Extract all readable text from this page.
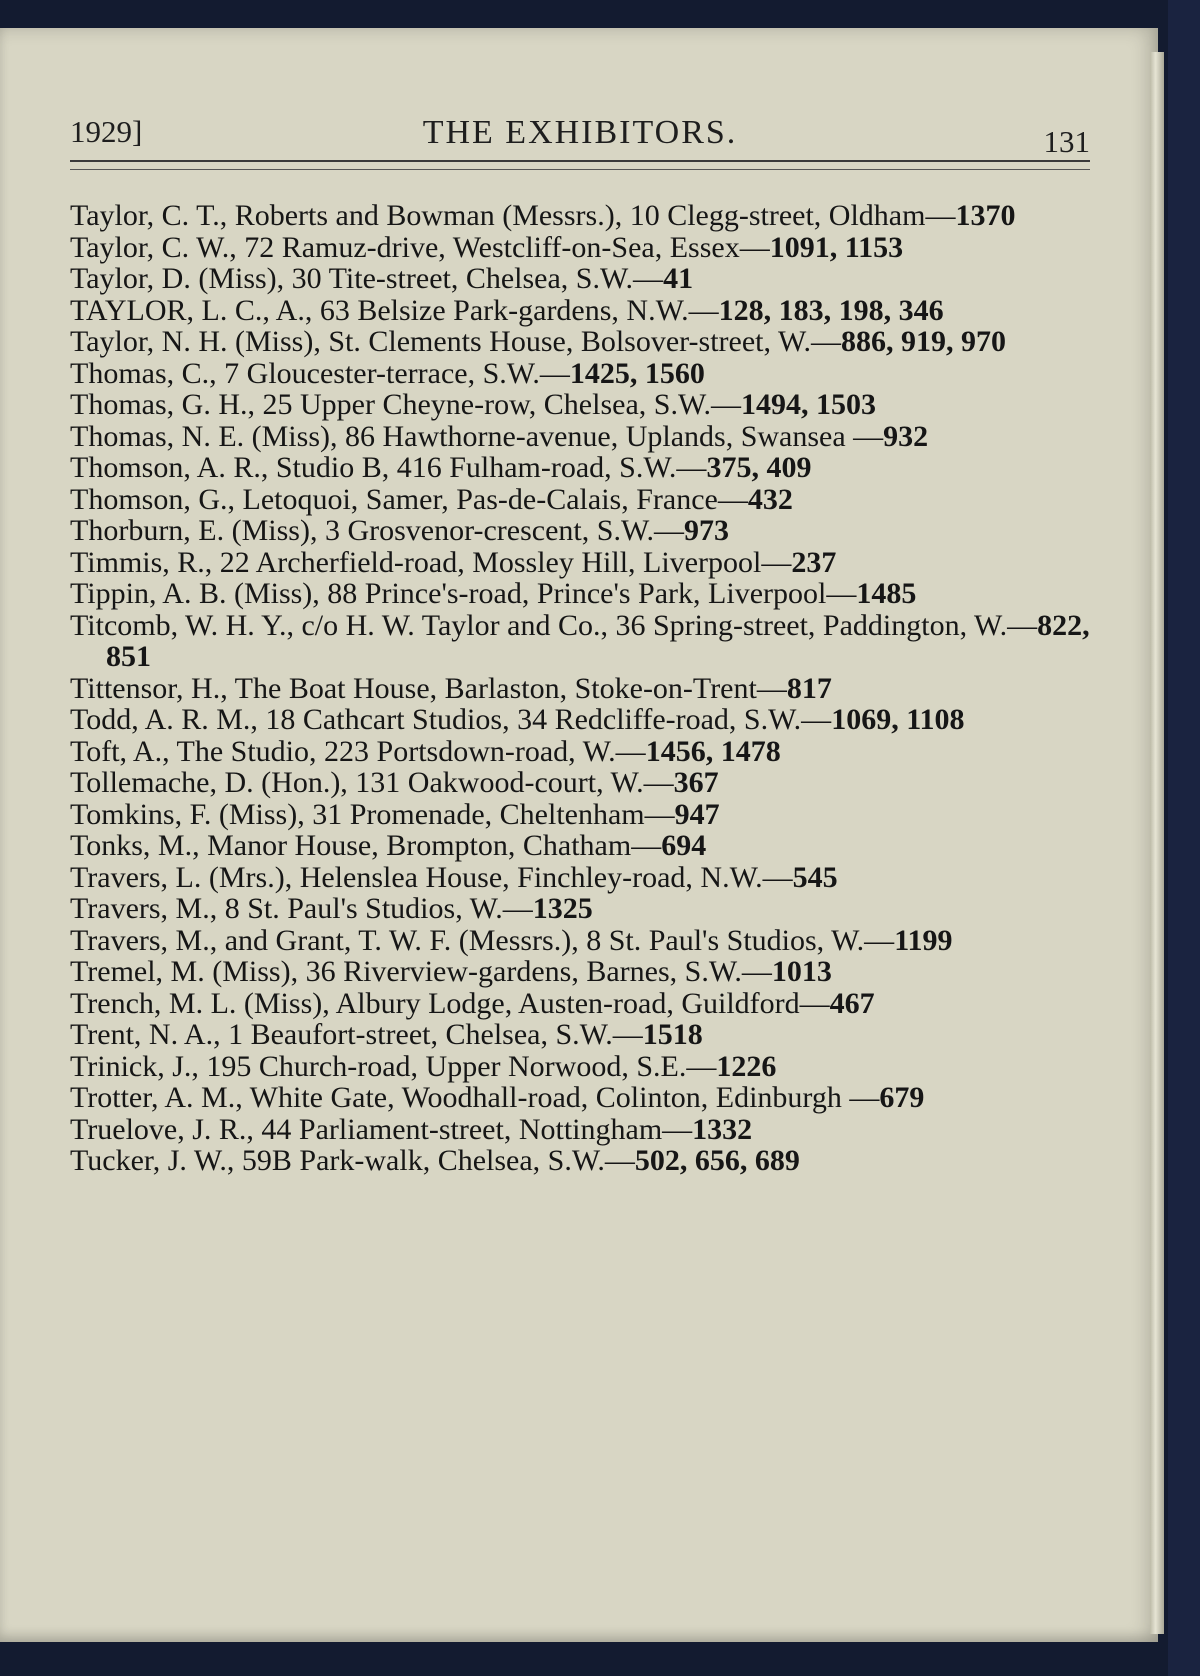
1929]	THE EXHIBITORS.	131
Taylor, C. T., Roberts and Bowman (Messrs.), 10 Clegg-street, Oldham—1370
Taylor, C. W., 72 Ramuz-drive, Westcliff-on-Sea, Essex—1091, 1153
Taylor, D. (Miss), 30 Tite-street, Chelsea, S.W.—41
TAYLOR, L. C., A., 63 Belsize Park-gardens, N.W.—128, 183, 198, 346
Taylor, N. H. (Miss), St. Clements House, Bolsover-street, W.—886, 919, 970
Thomas, C., 7 Gloucester-terrace, S.W.—1425, 1560
Thomas, G. H., 25 Upper Cheyne-row, Chelsea, S.W.—1494, 1503
Thomas, N. E. (Miss), 86 Hawthorne-avenue, Uplands, Swansea —932
Thomson, A. R., Studio B, 416 Fulham-road, S.W.—375, 409
Thomson, G., Letoquoi, Samer, Pas-de-Calais, France—432
Thorburn, E. (Miss), 3 Grosvenor-crescent, S.W.—973
Timmis, R., 22 Archerfield-road, Mossley Hill, Liverpool—237
Tippin, A. B. (Miss), 88 Prince's-road, Prince's Park, Liverpool—1485
Titcomb, W. H. Y., c/o H. W. Taylor and Co., 36 Spring-street, Paddington, W.—822, 851
Tittensor, H., The Boat House, Barlaston, Stoke-on-Trent—817
Todd, A. R. M., 18 Cathcart Studios, 34 Redcliffe-road, S.W.—1069, 1108
Toft, A., The Studio, 223 Portsdown-road, W.—1456, 1478
Tollemache, D. (Hon.), 131 Oakwood-court, W.—367
Tomkins, F. (Miss), 31 Promenade, Cheltenham—947
Tonks, M., Manor House, Brompton, Chatham—694
Travers, L. (Mrs.), Helenslea House, Finchley-road, N.W.—545
Travers, M., 8 St. Paul's Studios, W.—1325
Travers, M., and Grant, T. W. F. (Messrs.), 8 St. Paul's Studios, W.—1199
Tremel, M. (Miss), 36 Riverview-gardens, Barnes, S.W.—1013
Trench, M. L. (Miss), Albury Lodge, Austen-road, Guildford—467
Trent, N. A., 1 Beaufort-street, Chelsea, S.W.—1518
Trinick, J., 195 Church-road, Upper Norwood, S.E.—1226
Trotter, A. M., White Gate, Woodhall-road, Colinton, Edinburgh —679
Truelove, J. R., 44 Parliament-street, Nottingham—1332
Tucker, J. W., 59B Park-walk, Chelsea, S.W.—502, 656, 689
